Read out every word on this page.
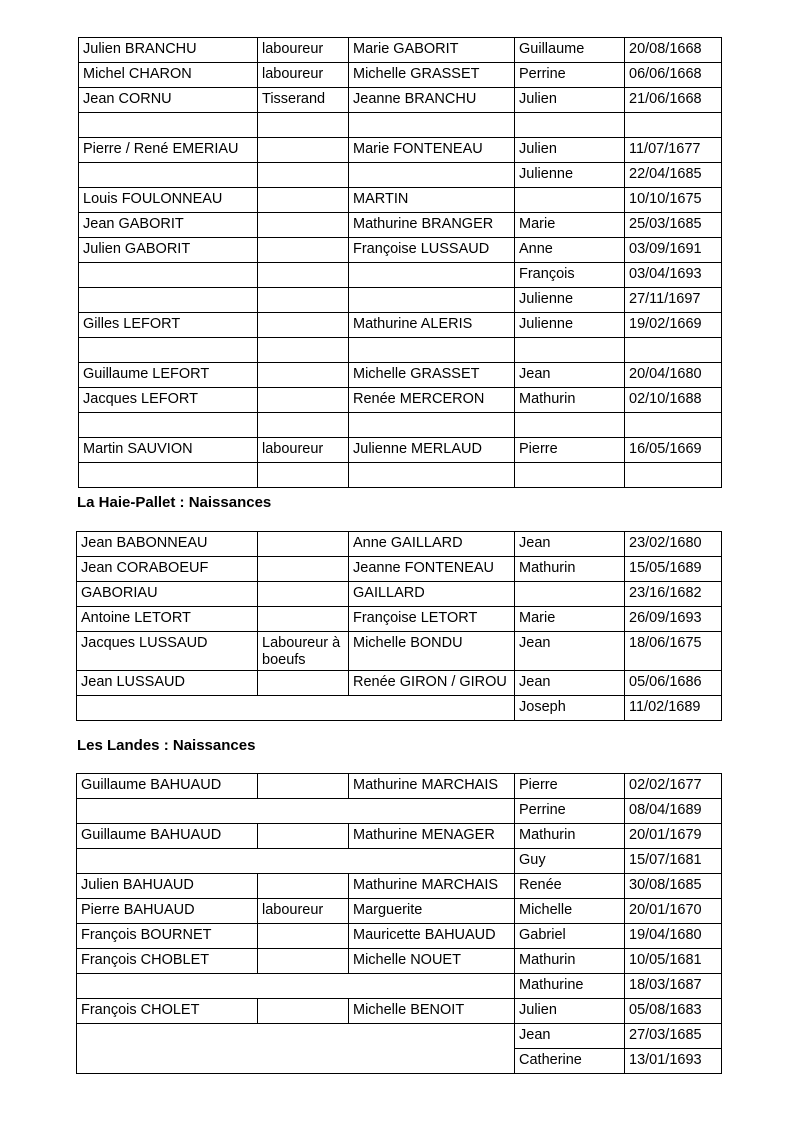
Julien BRANCHU	laboureur	Marie GABORIT	Guillaume	20/08/1668
Michel CHARON	laboureur	Michelle GRASSET	Perrine	06/06/1668
Jean CORNU	Tisserand	Jeanne BRANCHU	Julien	21/06/1668

Pierre / René EMERIAU		Marie FONTENEAU	Julien	11/07/1677
			Julienne	22/04/1685
Louis FOULONNEAU		MARTIN		10/10/1675
Jean GABORIT		Mathurine BRANGER	Marie	25/03/1685
Julien GABORIT		Françoise LUSSAUD	Anne	03/09/1691
			François	03/04/1693
			Julienne	27/11/1697
Gilles LEFORT		Mathurine ALERIS	Julienne	19/02/1669

Guillaume LEFORT		Michelle GRASSET	Jean	20/04/1680
Jacques LEFORT		Renée MERCERON	Mathurin	02/10/1688

Martin SAUVION	laboureur	Julienne MERLAUD	Pierre	16/05/1669

La Haie-Pallet : Naissances
Jean BABONNEAU		Anne GAILLARD	Jean	23/02/1680
Jean CORABOEUF		Jeanne FONTENEAU	Mathurin	15/05/1689
GABORIAU		GAILLARD		23/16/1682
Antoine LETORT		Françoise LETORT	Marie	26/09/1693
Jacques LUSSAUD	Laboureur à boeufs	Michelle BONDU	Jean	18/06/1675
Jean LUSSAUD		Renée GIRON / GIROU	Jean	05/06/1686
			Joseph	11/02/1689
Les Landes : Naissances
Guillaume BAHUAUD		Mathurine MARCHAIS	Pierre	02/02/1677
			Perrine	08/04/1689
Guillaume BAHUAUD		Mathurine MENAGER	Mathurin	20/01/1679
			Guy	15/07/1681
Julien BAHUAUD		Mathurine MARCHAIS	Renée	30/08/1685
Pierre BAHUAUD	laboureur	Marguerite	Michelle	20/01/1670
François BOURNET		Mauricette BAHUAUD	Gabriel	19/04/1680
François CHOBLET		Michelle NOUET	Mathurin	10/05/1681
			Mathurine	18/03/1687
François CHOLET		Michelle BENOIT	Julien	05/08/1683
			Jean	27/03/1685
			Catherine	13/01/1693
